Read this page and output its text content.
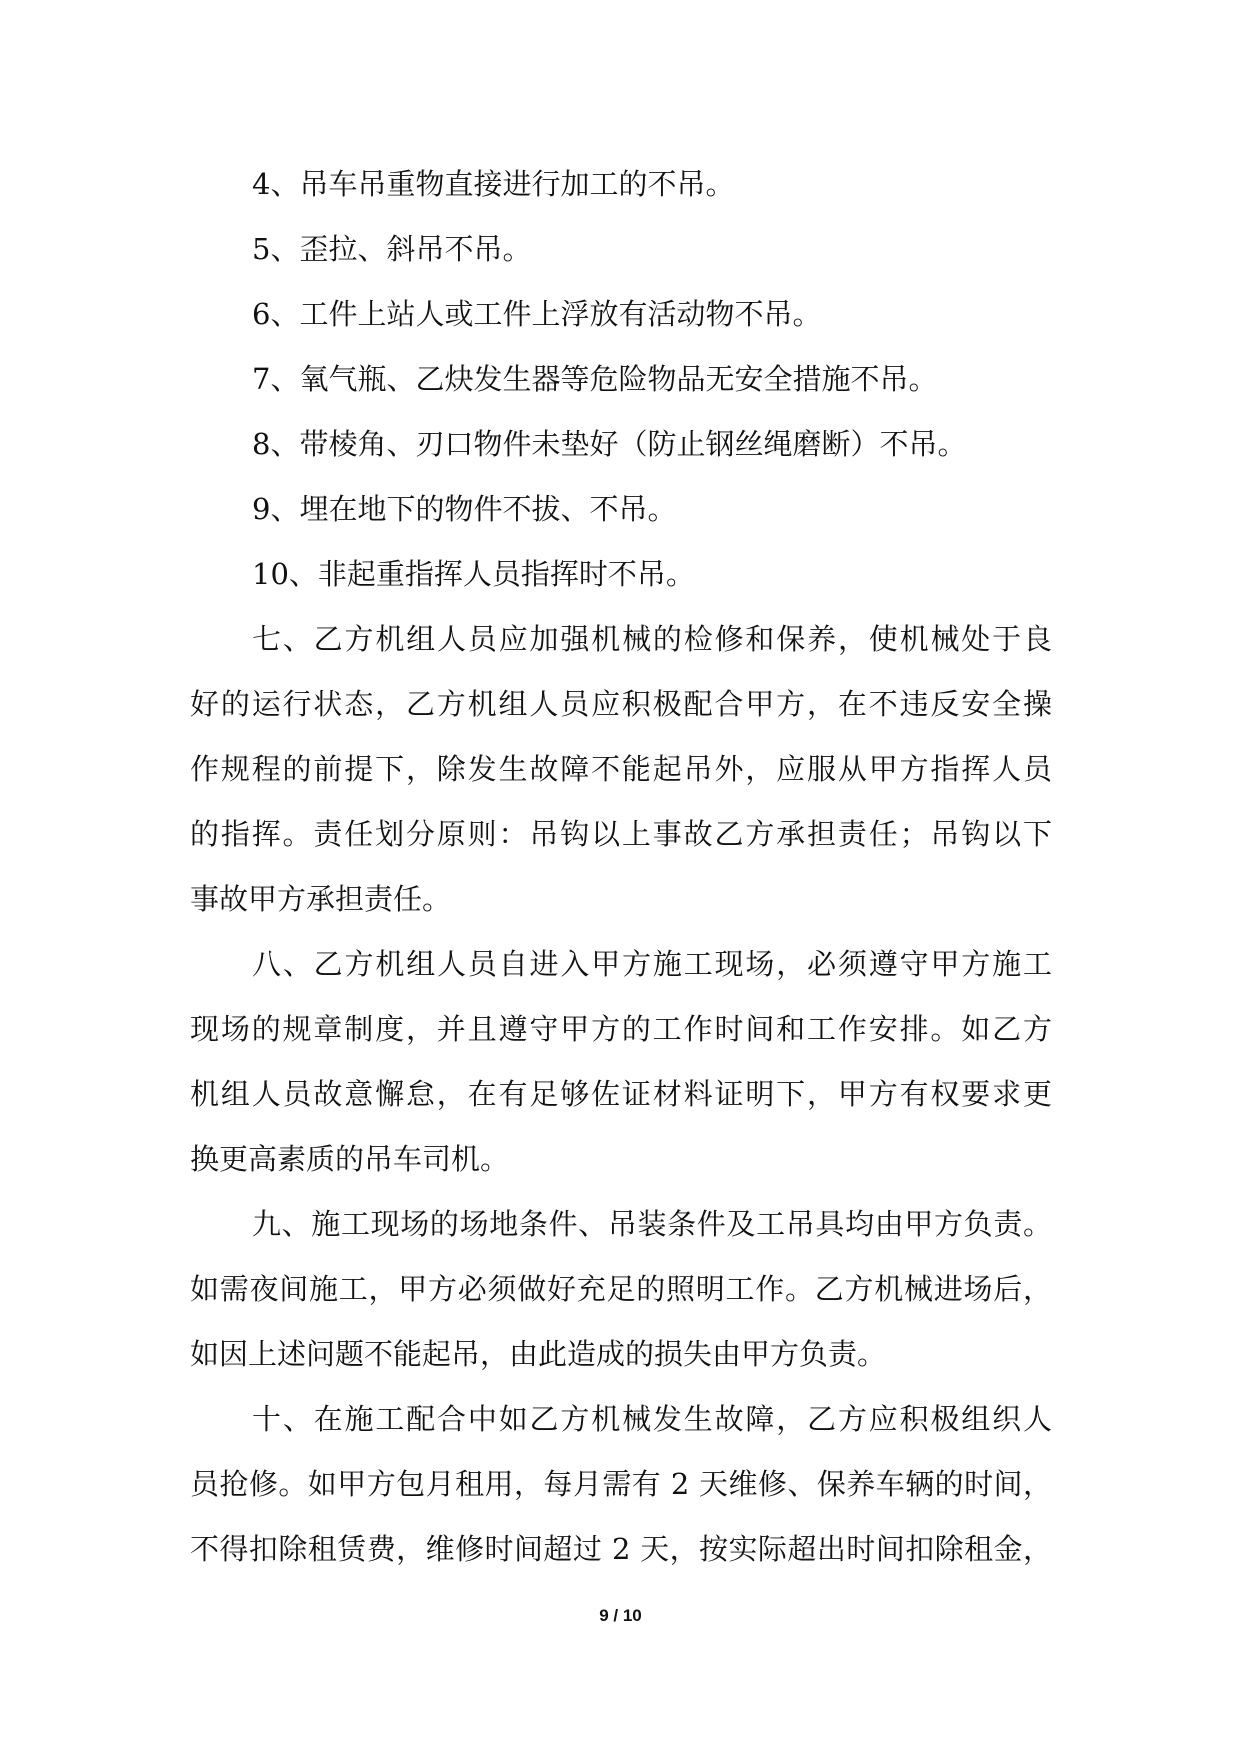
4、吊车吊重物直接进行加工的不吊。
5、歪拉、斜吊不吊。
6、工件上站人或工件上浮放有活动物不吊。
7、氧气瓶、乙炔发生器等危险物品无安全措施不吊。
8、带棱角、刃口物件未垫好（防止钢丝绳磨断）不吊。
9、埋在地下的物件不拔、不吊。
10、非起重指挥人员指挥时不吊。
七、乙方机组人员应加强机械的检修和保养，使机械处于良
好的运行状态，乙方机组人员应积极配合甲方，在不违反安全操
作规程的前提下，除发生故障不能起吊外，应服从甲方指挥人员
的指挥。责任划分原则：吊钩以上事故乙方承担责任；吊钩以下
事故甲方承担责任。
八、乙方机组人员自进入甲方施工现场，必须遵守甲方施工
现场的规章制度，并且遵守甲方的工作时间和工作安排。如乙方
机组人员故意懈怠，在有足够佐证材料证明下，甲方有权要求更
换更高素质的吊车司机。
九、施工现场的场地条件、吊装条件及工吊具均由甲方负责。
如需夜间施工，甲方必须做好充足的照明工作。乙方机械进场后，
如因上述问题不能起吊，由此造成的损失由甲方负责。
十、在施工配合中如乙方机械发生故障，乙方应积极组织人
员抢修。如甲方包月租用，每月需有 2 天维修、保养车辆的时间，
不得扣除租赁费，维修时间超过 2 天，按实际超出时间扣除租金，
9 / 10
